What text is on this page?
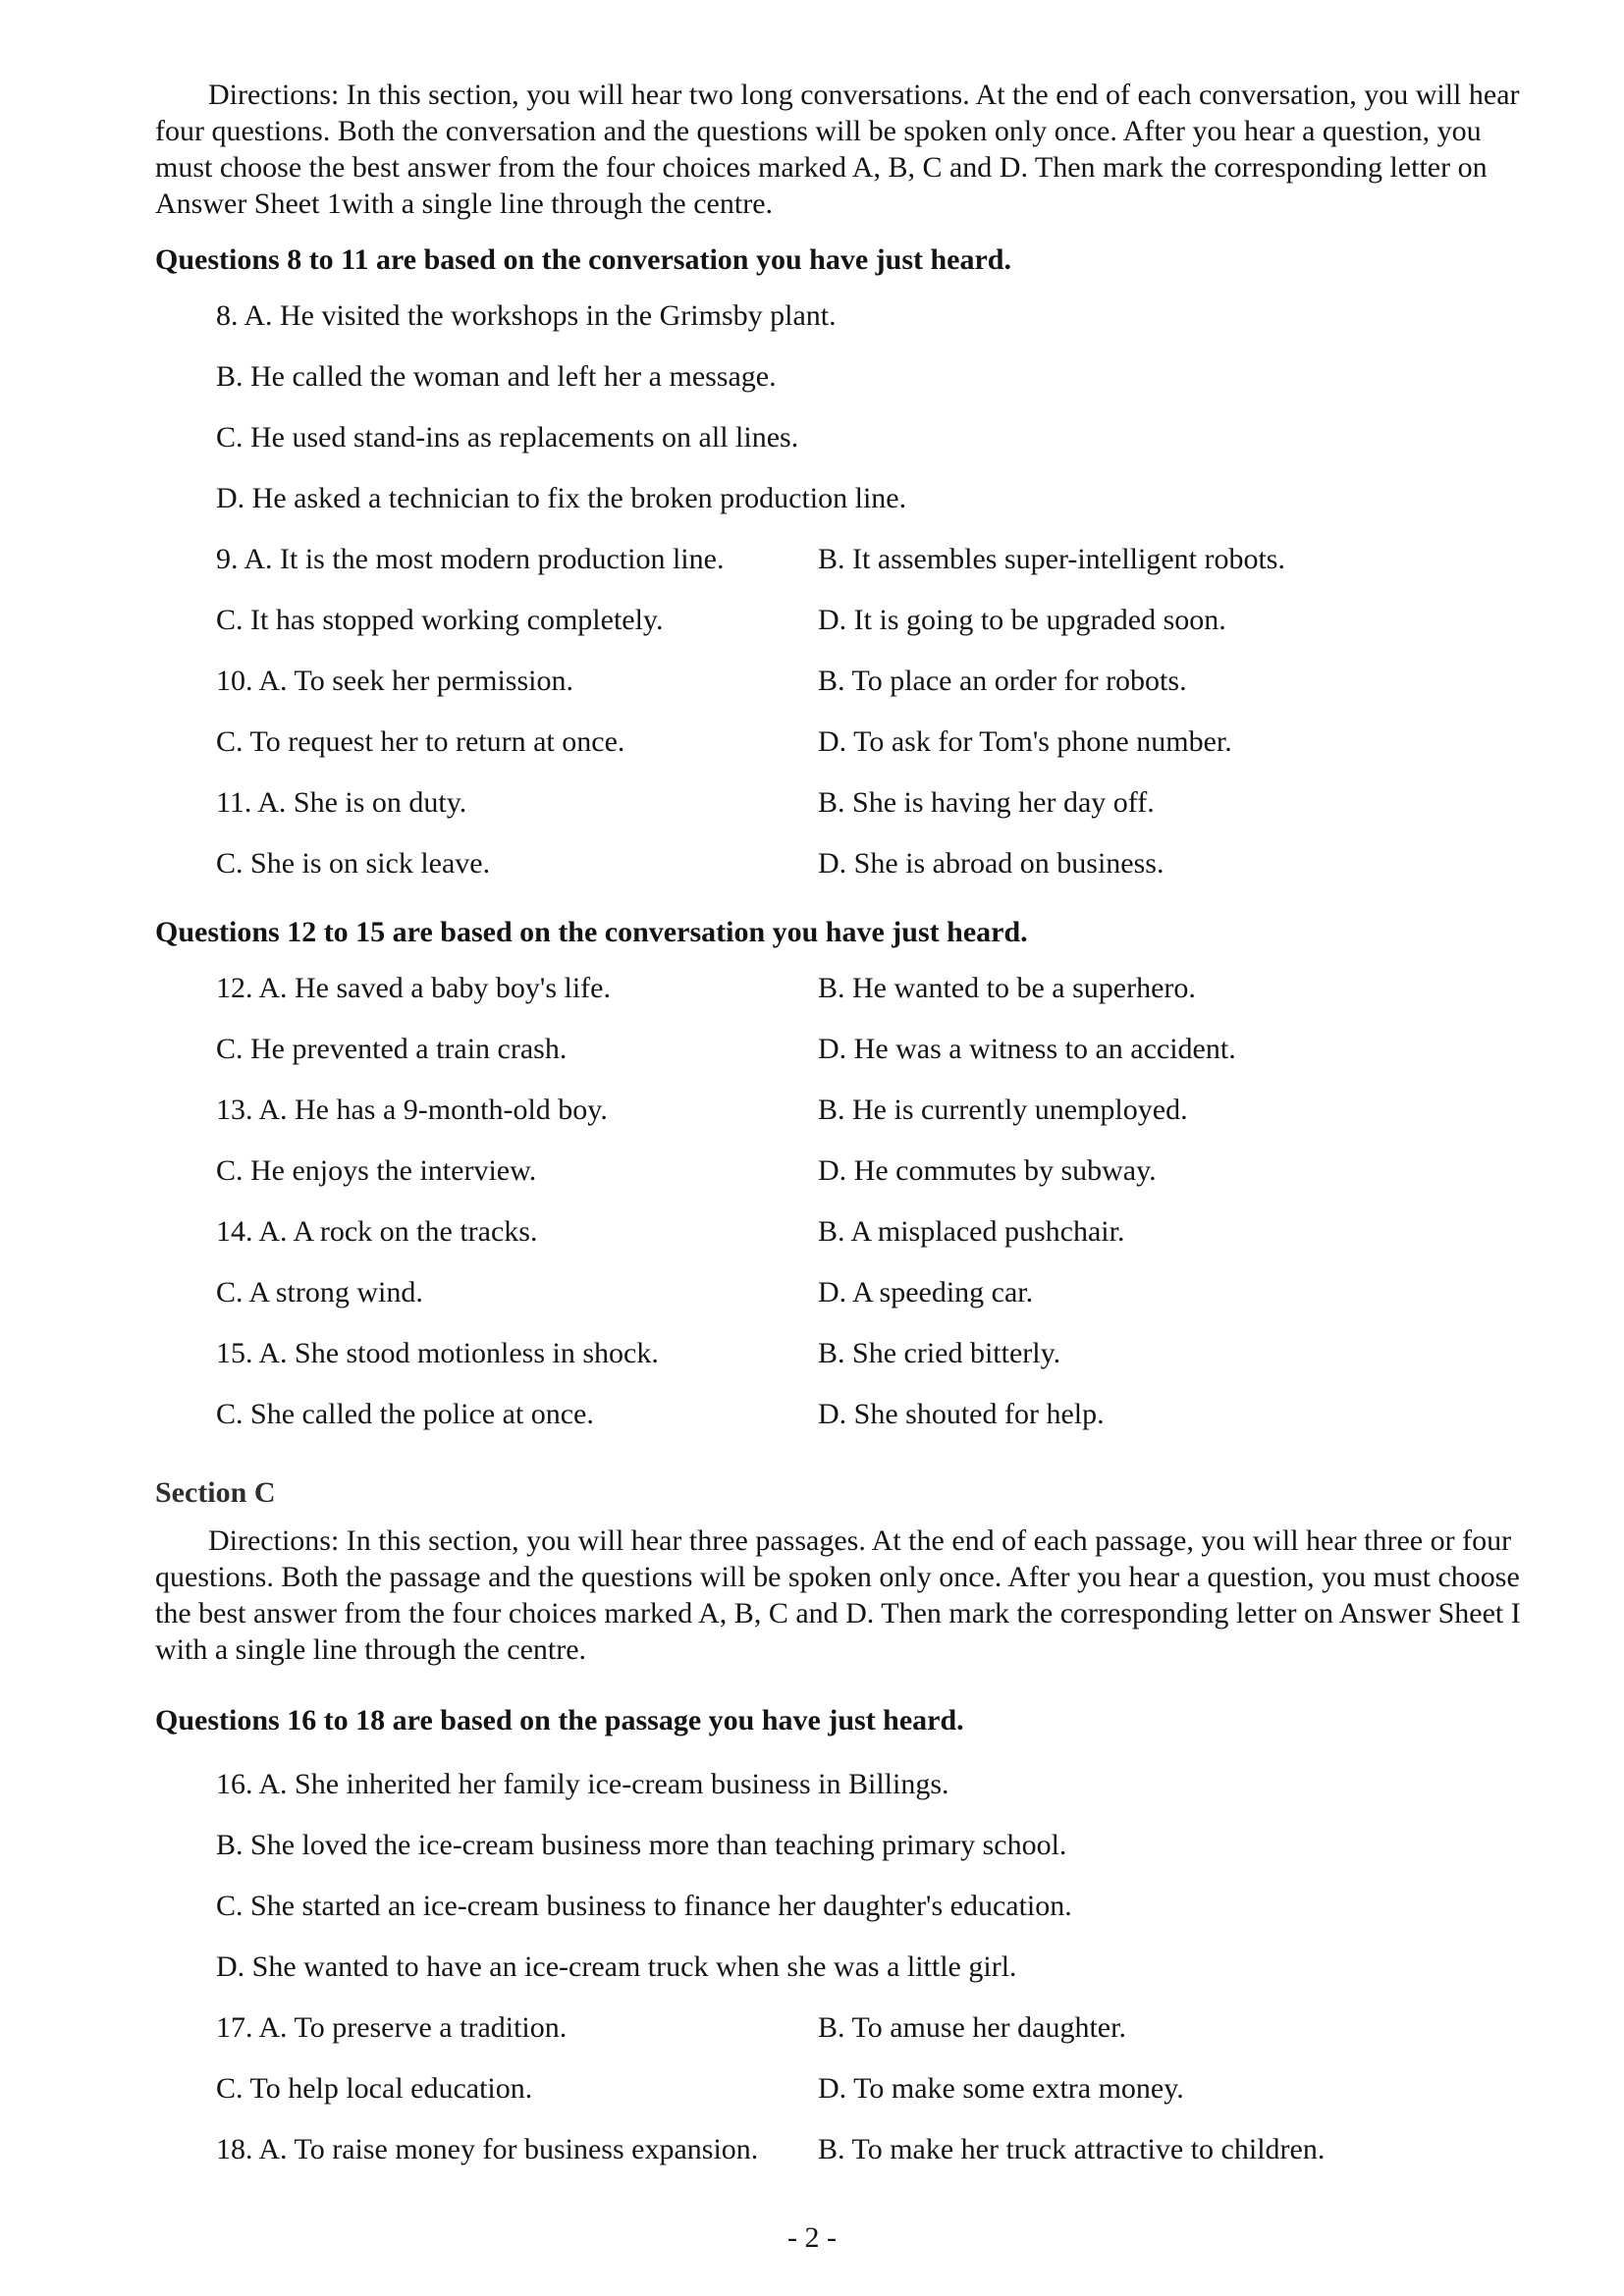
Directions: In this section, you will hear two long conversations. At the end of each conversation, you will hear four questions. Both the conversation and the questions will be spoken only once. After you hear a question, you must choose the best answer from the four choices marked A, B, C and D. Then mark the corresponding letter on Answer Sheet 1with a single line through the centre.

Questions 8 to 11 are based on the conversation you have just heard.
8. A. He visited the workshops in the Grimsby plant.
B. He called the woman and left her a message.
C. He used stand-ins as replacements on all lines.
D. He asked a technician to fix the broken production line.
9. A. It is the most modern production line.	B. It assembles super-intelligent robots.
C. It has stopped working completely.	D. It is going to be upgraded soon.
10. A. To seek her permission.	B. To place an order for robots.
C. To request her to return at once.	D. To ask for Tom's phone number.
11. A. She is on duty.	B. She is having her day off.
C. She is on sick leave.	D. She is abroad on business.
Questions 12 to 15 are based on the conversation you have just heard.
12. A. He saved a baby boy's life.	B. He wanted to be a superhero.
C. He prevented a train crash.	D. He was a witness to an accident.
13. A. He has a 9-month-old boy.	B. He is currently unemployed.
C. He enjoys the interview.	D. He commutes by subway.
14. A. A rock on the tracks.	B. A misplaced pushchair.
C. A strong wind.	D. A speeding car.
15. A. She stood motionless in shock.	B. She cried bitterly.
C. She called the police at once.	D. She shouted for help.
Section C

Directions: In this section, you will hear three passages. At the end of each passage, you will hear three or four questions. Both the passage and the questions will be spoken only once. After you hear a question, you must choose the best answer from the four choices marked A, B, C and D. Then mark the corresponding letter on Answer Sheet I with a single line through the centre.

Questions 16 to 18 are based on the passage you have just heard.
16. A. She inherited her family ice-cream business in Billings.
B. She loved the ice-cream business more than teaching primary school.
C. She started an ice-cream business to finance her daughter's education.
D. She wanted to have an ice-cream truck when she was a little girl.
17. A. To preserve a tradition.	B. To amuse her daughter.
C. To help local education.	D. To make some extra money.
18. A. To raise money for business expansion.	B. To make her truck attractive to children.
- 2 -
